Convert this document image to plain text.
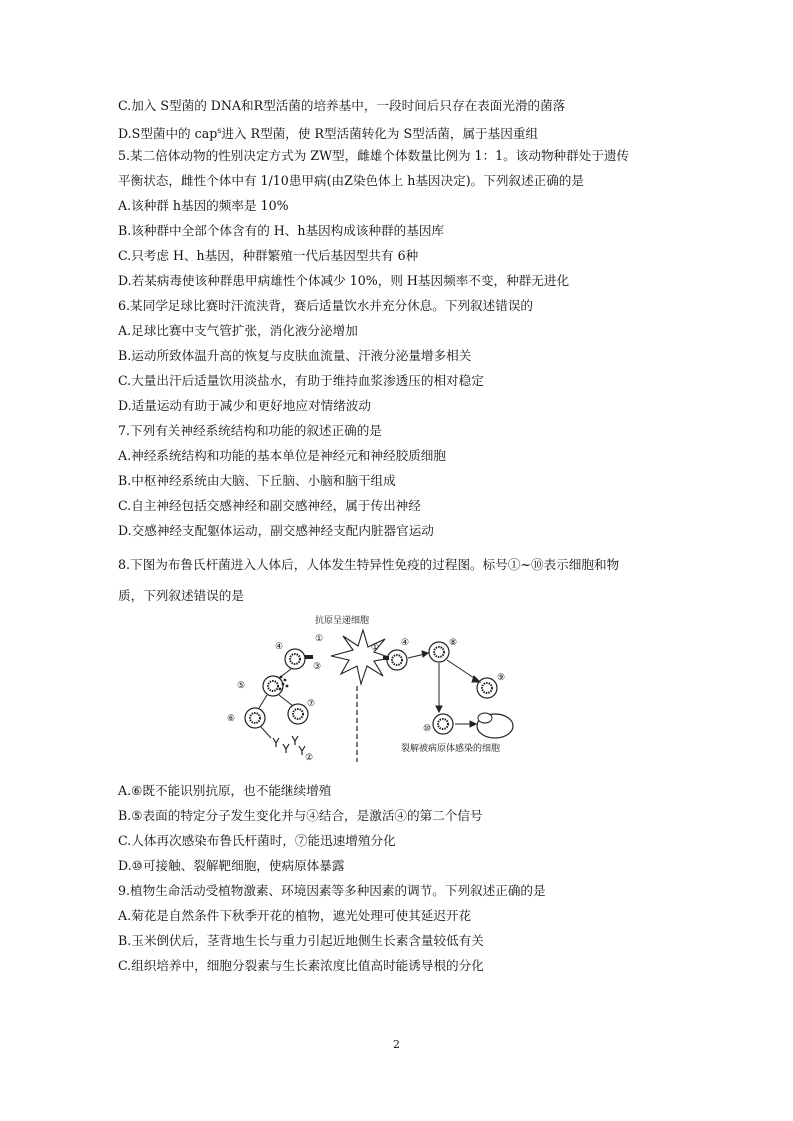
C.加入 S型菌的 DNA和R型活菌的培养基中，一段时间后只存在表面光滑的菌落
D.S型菌中的 cap$^s$进入 R型菌，使 R型活菌转化为 S型活菌，属于基因重组
5.某二倍体动物的性别决定方式为 ZW型，雌雄个体数量比例为 1：1。该动物种群处于遗传
平衡状态，雌性个体中有 1/10患甲病(由Z染色体上 h基因决定)。下列叙述正确的是
A.该种群 h基因的频率是 10%
B.该种群中全部个体含有的 H、h基因构成该种群的基因库
C.只考虑 H、h基因，种群繁殖一代后基因型共有 6种
D.若某病毒使该种群患甲病雄性个体减少 10%，则 H基因频率不变，种群无进化
6.某同学足球比赛时汗流浃背，赛后适量饮水并充分休息。下列叙述错误的
A.足球比赛中支气管扩张，消化液分泌增加
B.运动所致体温升高的恢复与皮肤血流量、汗液分泌量增多相关
C.大量出汗后适量饮用淡盐水，有助于维持血浆渗透压的相对稳定
D.适量运动有助于减少和更好地应对情绪波动
7.下列有关神经系统结构和功能的叙述正确的是
A.神经系统结构和功能的基本单位是神经元和神经胶质细胞
B.中枢神经系统由大脑、下丘脑、小脑和脑干组成
C.自主神经包括交感神经和副交感神经，属于传出神经
D.交感神经支配躯体运动，副交感神经支配内脏器官运动
8.下图为布鲁氏杆菌进入人体后，人体发生特异性免疫的过程图。标号①~⑩表示细胞和物
质，下列叙述错误的是
抗原呈递细胞
①
②
③
④
⑤
⑥
⑦
① ④	⑧
⑨
⑩
裂解被病原体感染的细胞
A.⑥既不能识别抗原，也不能继续增殖
B.⑤表面的特定分子发生变化并与④结合，是激活④的第二个信号
C.人体再次感染布鲁氏杆菌时，⑦能迅速增殖分化
D.⑩可接触、裂解靶细胞，使病原体暴露
9.植物生命活动受植物激素、环境因素等多种因素的调节。下列叙述正确的是
A.菊花是自然条件下秋季开花的植物，遮光处理可使其延迟开花
B.玉米倒伏后，茎背地生长与重力引起近地侧生长素含量较低有关
C.组织培养中，细胞分裂素与生长素浓度比值高时能诱导根的分化
2
